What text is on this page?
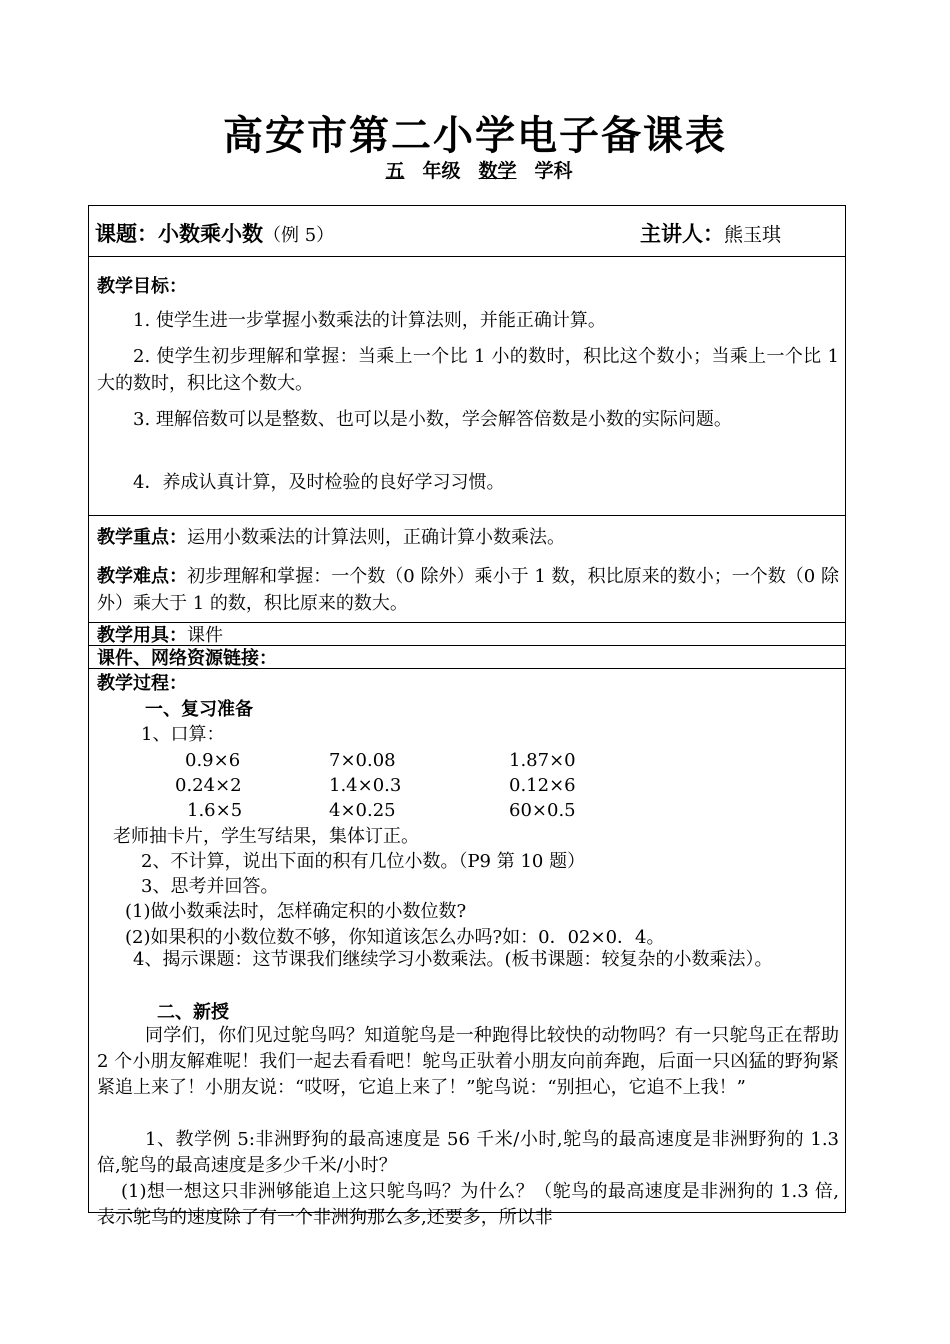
高安市第二小学电子备课表
五 年级 数学 学科
课题：小数乘小数（例 5）	主讲人：熊玉琪
教学目标：
1. 使学生进一步掌握小数乘法的计算法则，并能正确计算。
2. 使学生初步理解和掌握：当乘上一个比 1 小的数时，积比这个数小；当乘上一个比 1 大的数时，积比这个数大。
3. 理解倍数可以是整数、也可以是小数，学会解答倍数是小数的实际问题。
4．养成认真计算，及时检验的良好学习习惯。
教学重点：运用小数乘法的计算法则，正确计算小数乘法。
教学难点：初步理解和掌握：一个数（0 除外）乘小于 1 数，积比原来的数小；一个数（0 除外）乘大于 1 的数，积比原来的数大。
教学用具：课件
课件、网络资源链接：
教学过程：
一、复习准备
1、口算：
0.9×6	7×0.08	1.87×0
0.24×2	1.4×0.3	0.12×6
1.6×5	4×0.25	60×0.5
老师抽卡片，学生写结果，集体订正。
2、不计算，说出下面的积有几位小数。（P9 第 10 题）
3、思考并回答。
(1)做小数乘法时，怎样确定积的小数位数?
(2)如果积的小数位数不够，你知道该怎么办吗?如：0．02×0．4。
4、揭示课题：这节课我们继续学习小数乘法。(板书课题：较复杂的小数乘法）。
二、新授
同学们，你们见过鸵鸟吗？知道鸵鸟是一种跑得比较快的动物吗？有一只鸵鸟正在帮助 2 个小朋友解难呢！我们一起去看看吧！鸵鸟正驮着小朋友向前奔跑，后面一只凶猛的野狗紧紧追上来了！小朋友说：“哎呀，它追上来了！”鸵鸟说：“别担心，它追不上我！”
1、教学例 5:非洲野狗的最高速度是 56 千米/小时,鸵鸟的最高速度是非洲野狗的 1.3 倍,鸵鸟的最高速度是多少千米/小时？
(1)想一想这只非洲够能追上这只鸵鸟吗？为什么？（鸵鸟的最高速度是非洲狗的 1.3 倍,表示鸵鸟的速度除了有一个非洲狗那么多,还要多，所以非
